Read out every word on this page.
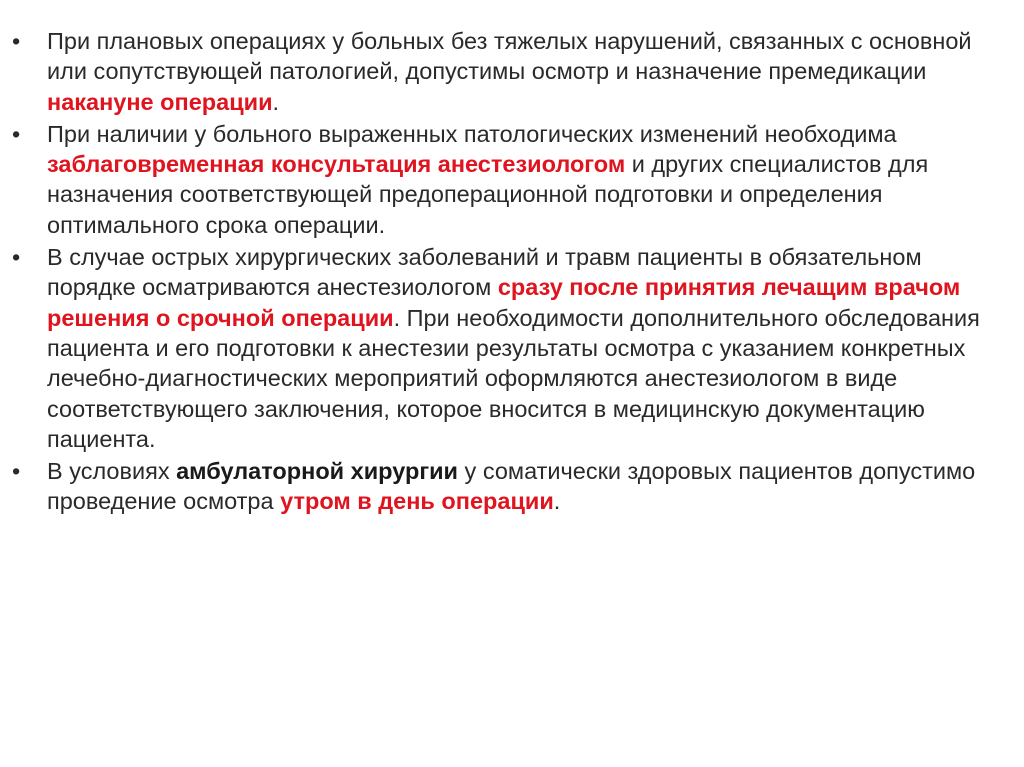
•	При плановых операциях у больных без тяжелых нарушений, связанных с основной или сопутствующей патологией, допустимы осмотр и назначение премедикации накануне операции.
•	При наличии у больного выраженных патологических изменений необходима заблаговременная консультация анестезиологом и других специалистов для назначения соответствующей предоперационной подготовки и определения оптимального срока операции.
•	В случае острых хирургических заболеваний и травм пациенты в обязательном порядке осматриваются анестезиологом сразу после принятия лечащим врачом решения о срочной операции. При необходимости дополнительного обследования пациента и его подготовки к анестезии результаты осмотра с указанием конкретных лечебно-диагностических мероприятий оформляются анестезиологом в виде соответствующего заключения, которое вносится в медицинскую документацию пациента.
•	В условиях амбулаторной хирургии у соматически здоровых пациентов допустимо проведение осмотра утром в день операции.
